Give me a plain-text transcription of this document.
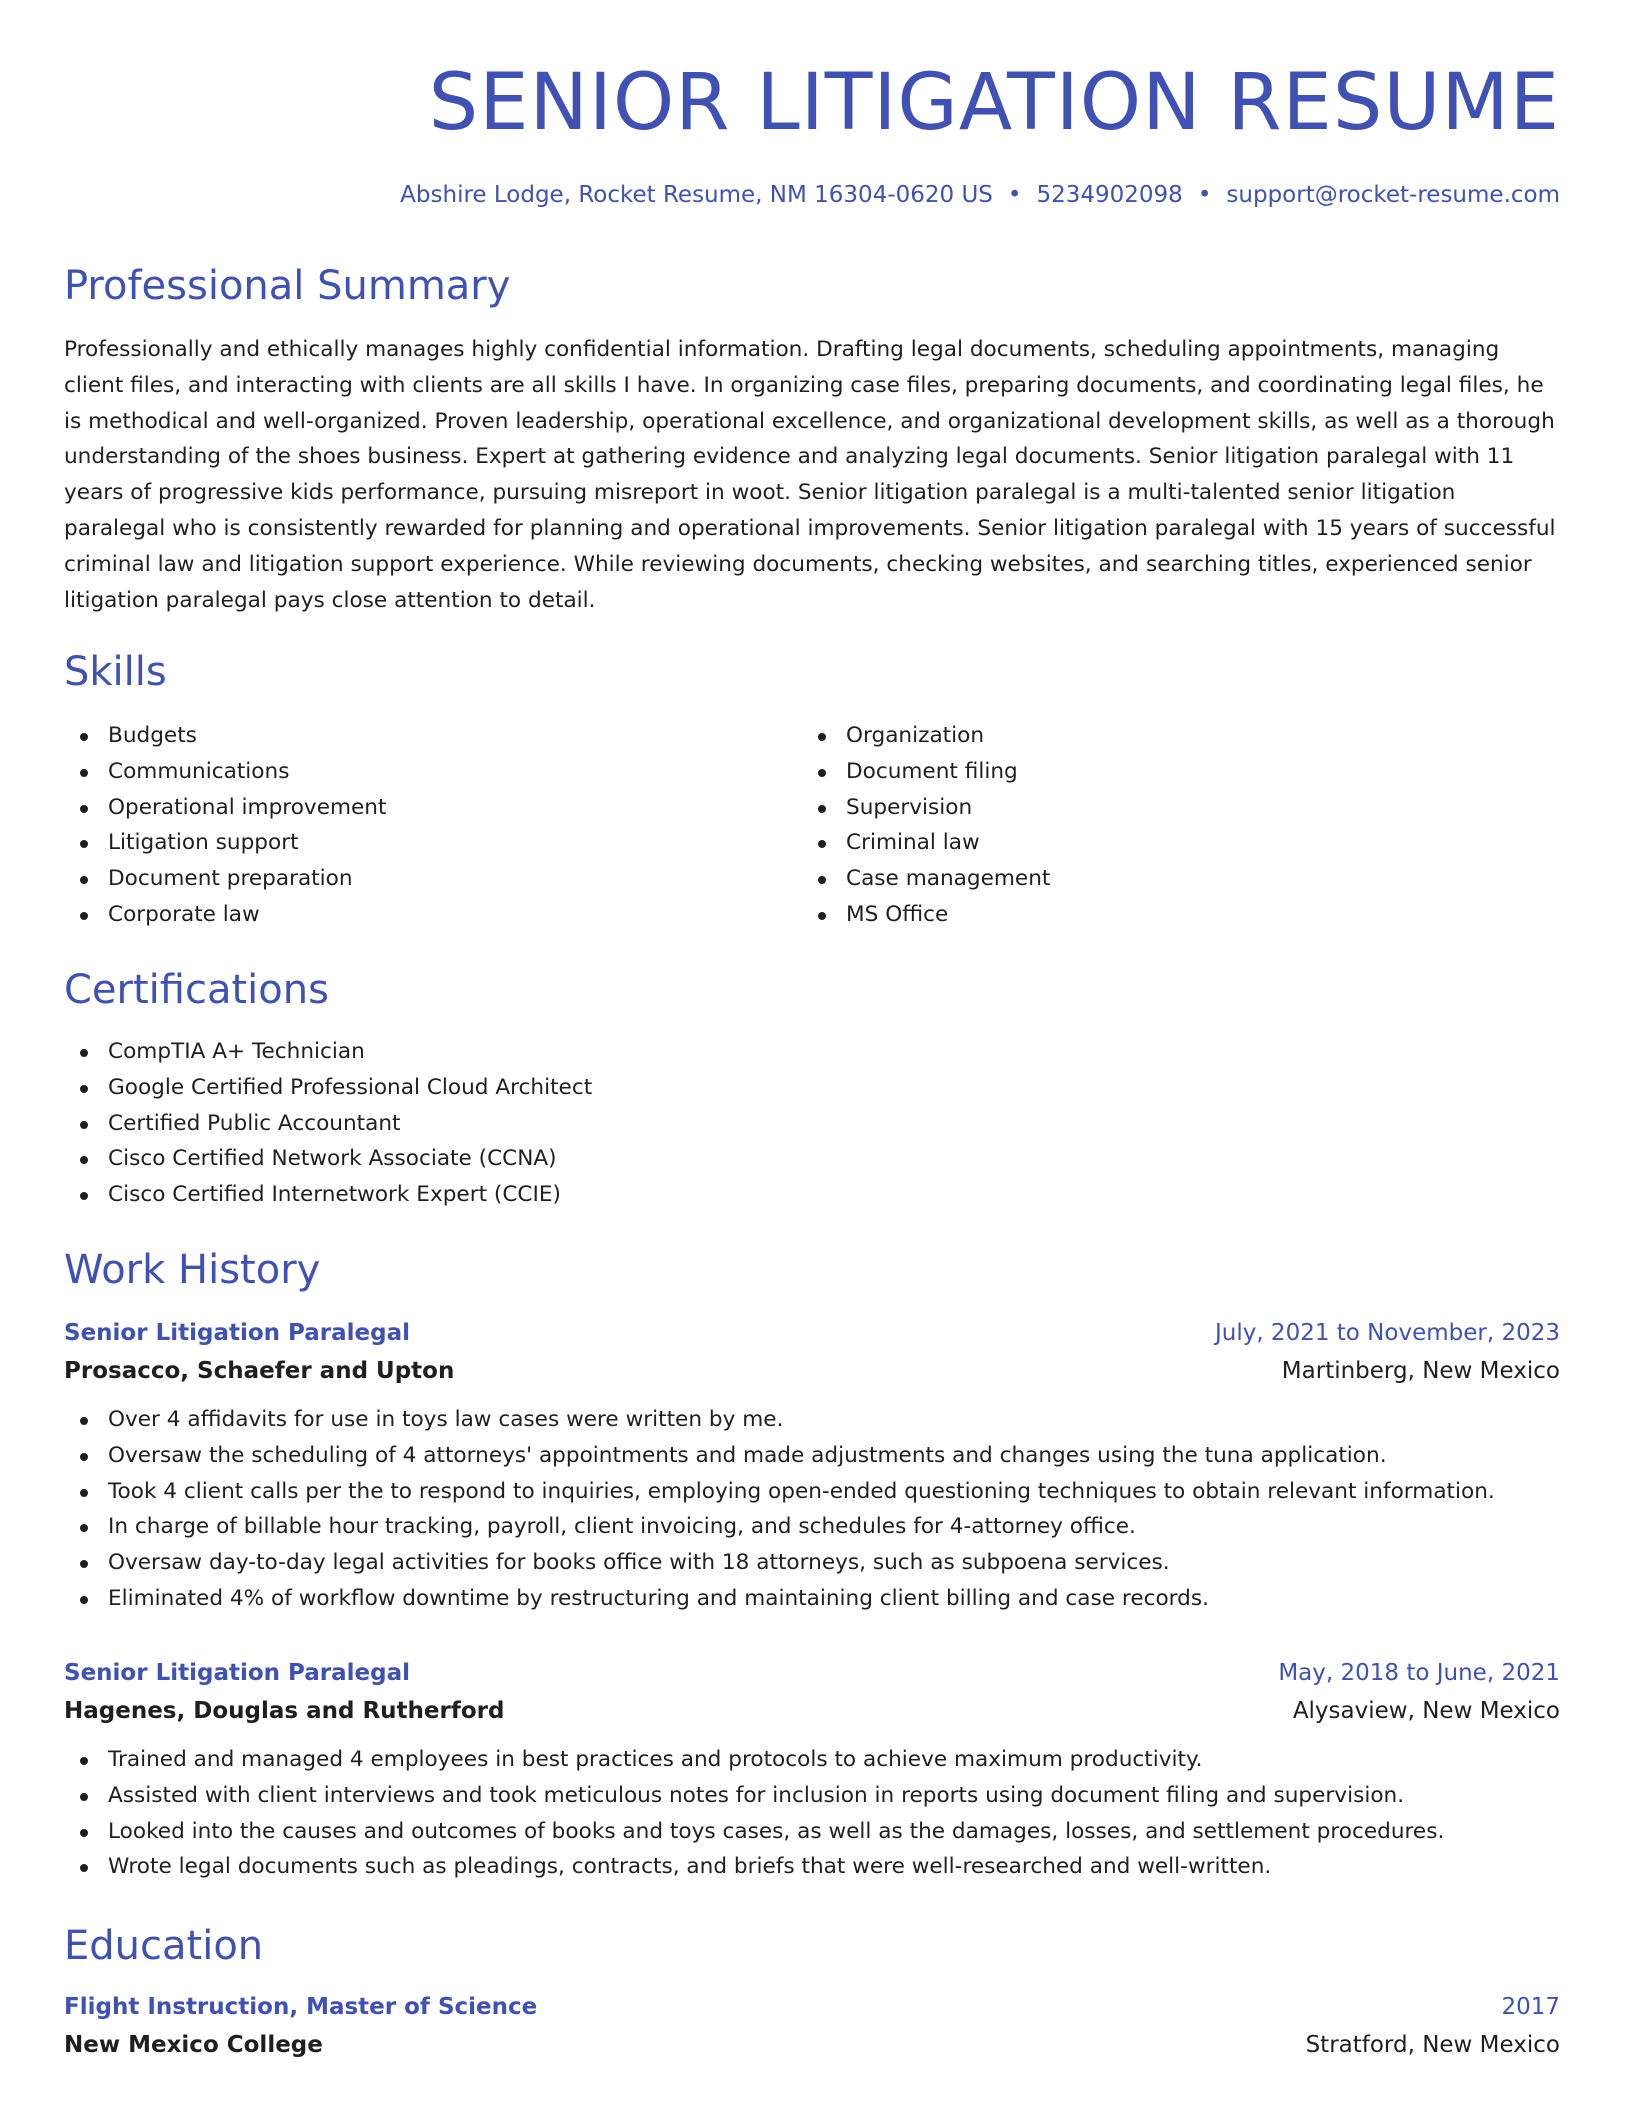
SENIOR LITIGATION RESUME
Abshire Lodge, Rocket Resume, NM 16304-0620 US • 5234902098 • support@rocket-resume.com
Professional Summary

Professionally and ethically manages highly confidential information. Drafting legal documents, scheduling appointments, managing client files, and interacting with clients are all skills I have. In organizing case files, preparing documents, and coordinating legal files, he is methodical and well-organized. Proven leadership, operational excellence, and organizational development skills, as well as a thorough understanding of the shoes business. Expert at gathering evidence and analyzing legal documents. Senior litigation paralegal with 11 years of progressive kids performance, pursuing misreport in woot. Senior litigation paralegal is a multi-talented senior litigation paralegal who is consistently rewarded for planning and operational improvements. Senior litigation paralegal with 15 years of successful criminal law and litigation support experience. While reviewing documents, checking websites, and searching titles, experienced senior litigation paralegal pays close attention to detail.

Skills
Budgets
Communications
Operational improvement
Litigation support
Document preparation
Corporate law
Organization
Document filing
Supervision
Criminal law
Case management
MS Office
Certifications
CompTIA A+ Technician
Google Certified Professional Cloud Architect
Certified Public Accountant
Cisco Certified Network Associate (CCNA)
Cisco Certified Internetwork Expert (CCIE)
Work History
Senior Litigation Paralegal	July, 2021 to November, 2023
Prosacco, Schaefer and Upton	Martinberg, New Mexico
Over 4 affidavits for use in toys law cases were written by me.
Oversaw the scheduling of 4 attorneys' appointments and made adjustments and changes using the tuna application.
Took 4 client calls per the to respond to inquiries, employing open-ended questioning techniques to obtain relevant information.
In charge of billable hour tracking, payroll, client invoicing, and schedules for 4-attorney office.
Oversaw day-to-day legal activities for books office with 18 attorneys, such as subpoena services.
Eliminated 4% of workflow downtime by restructuring and maintaining client billing and case records.
Senior Litigation Paralegal	May, 2018 to June, 2021
Hagenes, Douglas and Rutherford	Alysaview, New Mexico
Trained and managed 4 employees in best practices and protocols to achieve maximum productivity.
Assisted with client interviews and took meticulous notes for inclusion in reports using document filing and supervision.
Looked into the causes and outcomes of books and toys cases, as well as the damages, losses, and settlement procedures.
Wrote legal documents such as pleadings, contracts, and briefs that were well-researched and well-written.
Education
Flight Instruction, Master of Science	2017
New Mexico College	Stratford, New Mexico
